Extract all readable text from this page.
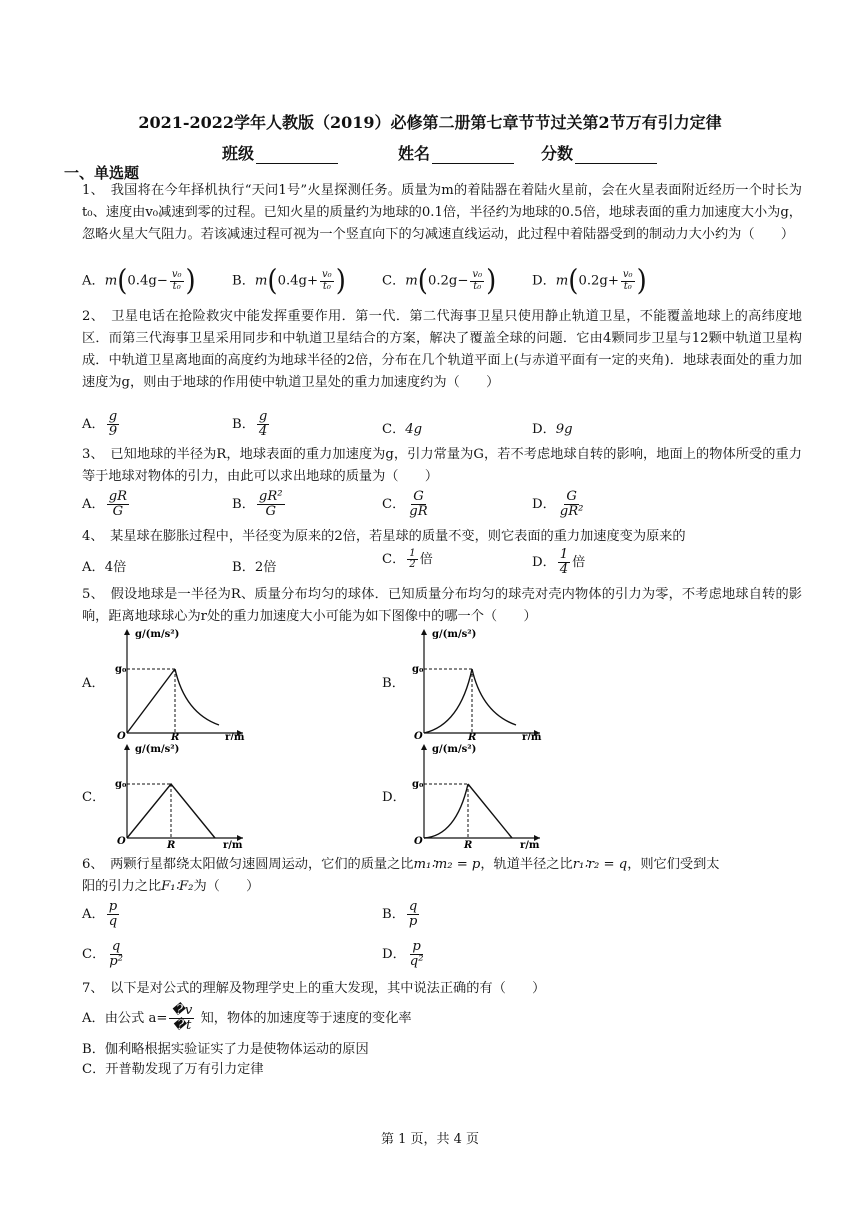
2021-2022学年人教版（2019）必修第二册第七章节节过关第2节万有引力定律
班级	姓名	分数
一、单选题
1、　我国将在今年择机执行“天问1号”火星探测任务。质量为m的着陆器在着陆火星前，会在火星表面附近经历一个时长为t₀、速度由v₀减速到零的过程。已知火星的质量约为地球的0.1倍，半径约为地球的0.5倍，地球表面的重力加速度大小为g，忽略火星大气阻力。若该减速过程可视为一个竖直向下的匀减速直线运动，此过程中着陆器受到的制动力大小约为（　　）
A．$m(0.4g- \frac{\text{v₀}}{\text{t₀}}$ )	B．$m(0.4g+ \frac{\text{v₀}}{\text{t₀}}$ )	C．$m(0.2g- \frac{\text{v₀}}{\text{t₀}}$ )	D．$m(0.2g+ \frac{\text{v₀}}{\text{t₀}}$ )
2、　卫星电话在抢险救灾中能发挥重要作用．第一代．第二代海事卫星只使用静止轨道卫星，不能覆盖地球上的高纬度地区．而第三代海事卫星采用同步和中轨道卫星结合的方案，解决了覆盖全球的问题．它由4颗同步卫星与12颗中轨道卫星构成．中轨道卫星离地面的高度约为地球半径的2倍，分布在几个轨道平面上(与赤道平面有一定的夹角)．地球表面处的重力加速度为g，则由于地球的作用使中轨道卫星处的重力加速度约为（　　）
A． $\frac{g}{9}$	B． $\frac{g}{4}$	C．4g	D．9g
3、　已知地球的半径为R，地球表面的重力加速度为g，引力常量为G，若不考虑地球自转的影响，地面上的物体所受的重力等于地球对物体的引力，由此可以求出地球的质量为（　　）
A． $\frac{gR}{G}$	B． $\frac{\text{gR²}}{G}$	C． $\frac{G}{gR}$	D． $\frac{G}{\text{gR²}}$
4、　某星球在膨胀过程中，半径变为原来的2倍，若星球的质量不变，则它表面的重力加速度变为原来的
A．4倍	B．2倍
C． $\frac{1}{2}$ 倍	D． $\frac{1}{4}$ 倍
5、　假设地球是一半径为R、质量分布均匀的球体．已知质量分布均匀的球壳对壳内物体的引力为零，不考虑地球自转的影响，距离地球球心为r处的重力加速度大小可能为如下图像中的哪一个（　　）
A．	B．
C．	D．
g/(m/s²)
g₀
O	R	r/m
g/(m/s²)
g₀
O	R	r/m
g/(m/s²)
g₀
O	R	r/m
g/(m/s²)
g₀
O	R	r/m
6、　两颗行星都绕太阳做匀速圆周运动，它们的质量之比m₁∶m₂ = p，轨道半径之比r₁∶r₂ = q，则它们受到太
阳的引力之比F₁∶F₂为（　　）
A． $\frac{p}{q}$	B． $\frac{q}{p}$
C． $\frac{q}{\text{p²}}$	D． $\frac{p}{\text{q²}}$
7、　以下是对公式的理解及物理学史上的重大发现，其中说法正确的有（　　）
A．由公式 $a= \frac{�v}{�t}$ 知，物体的加速度等于速度的变化率
B．伽利略根据实验证实了力是使物体运动的原因
C．开普勒发现了万有引力定律
第 1 页，共 4 页
